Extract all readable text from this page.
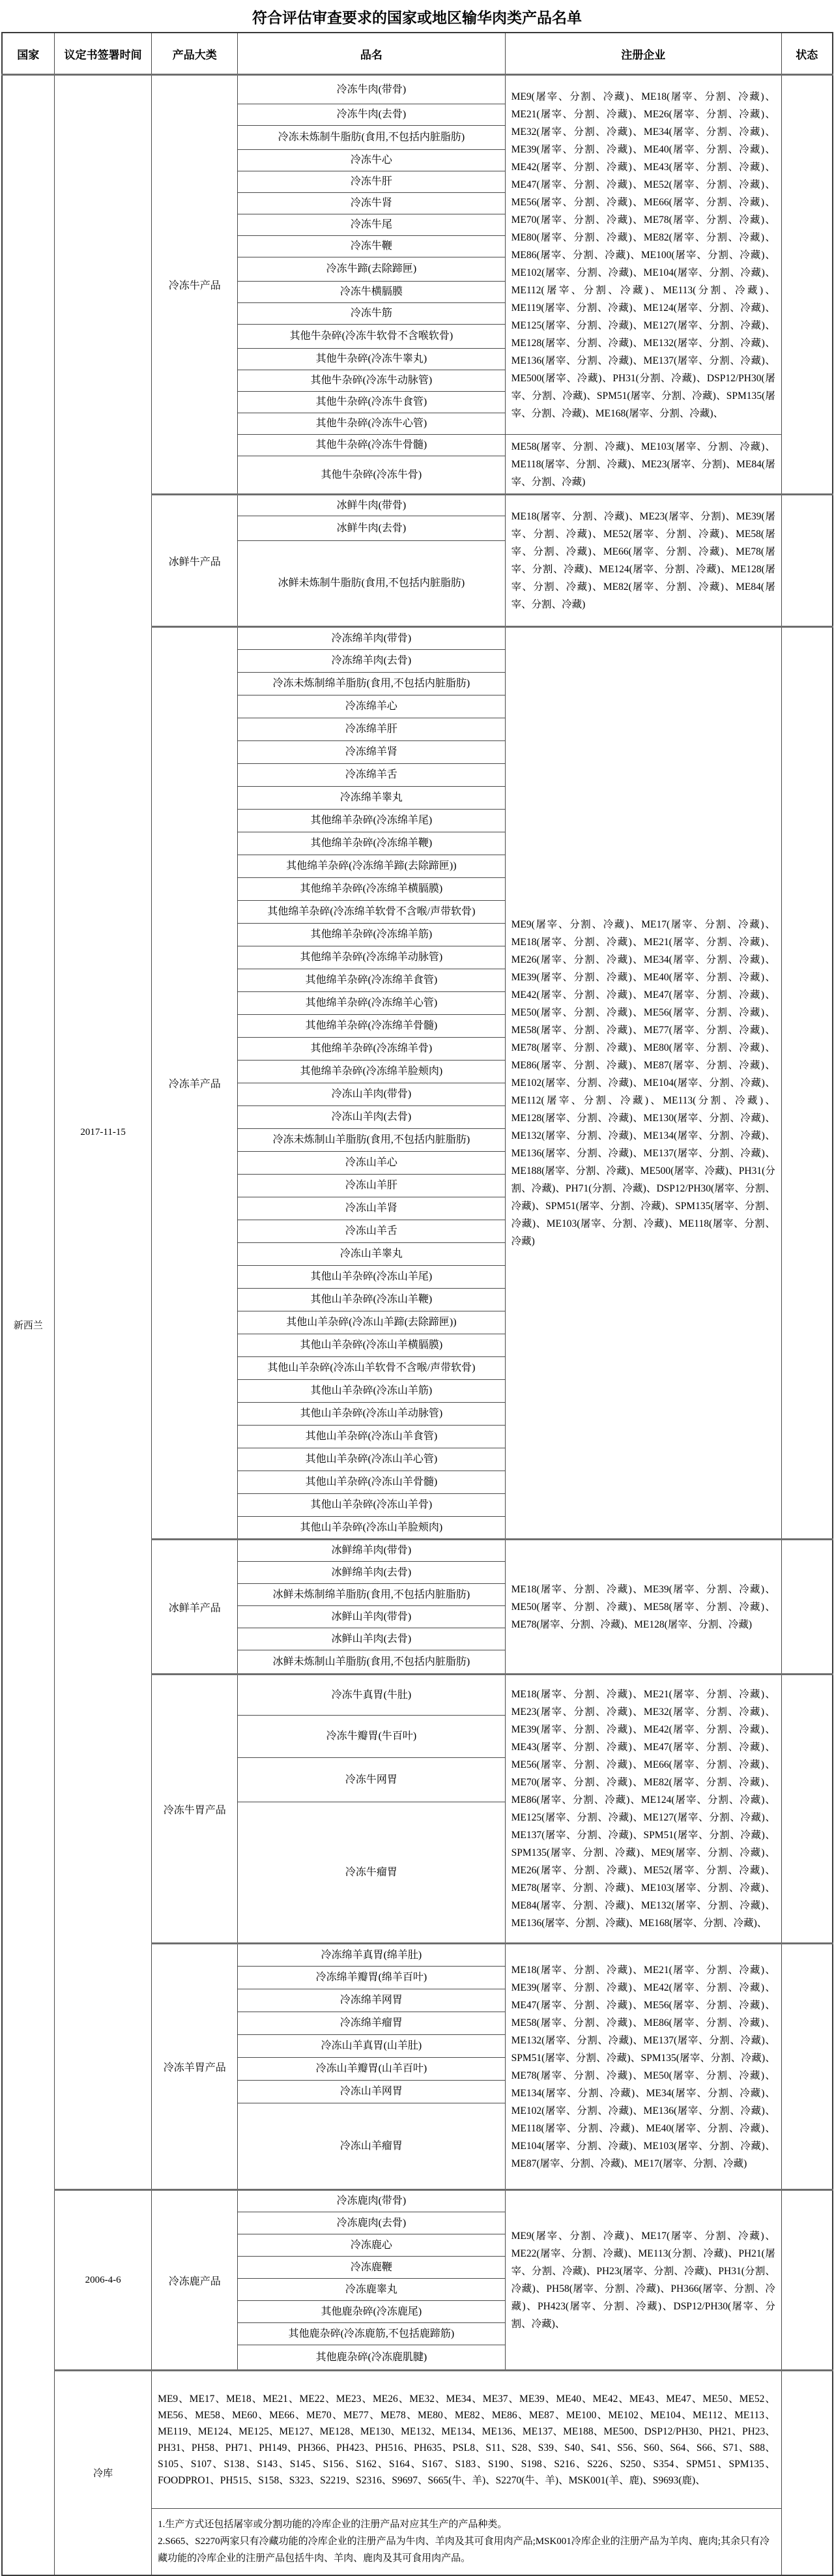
符合评估审查要求的国家或地区输华肉类产品名单
国家	议定书签署时间	产品大类	品名	注册企业	状态
新西兰	2017-11-15	冷冻牛产品	冷冻牛肉(带骨)	ME9(屠宰、分割、冷藏)、ME18(屠宰、分割、冷藏)、ME21(屠宰、分割、冷藏)、ME26(屠宰、分割、冷藏)、ME32(屠宰、分割、冷藏)、ME34(屠宰、分割、冷藏)、ME39(屠宰、分割、冷藏)、ME40(屠宰、分割、冷藏)、ME42(屠宰、分割、冷藏)、ME43(屠宰、分割、冷藏)、ME47(屠宰、分割、冷藏)、ME52(屠宰、分割、冷藏)、ME56(屠宰、分割、冷藏)、ME66(屠宰、分割、冷藏)、ME70(屠宰、分割、冷藏)、ME78(屠宰、分割、冷藏)、ME80(屠宰、分割、冷藏)、ME82(屠宰、分割、冷藏)、ME86(屠宰、分割、冷藏)、ME100(屠宰、分割、冷藏)、ME102(屠宰、分割、冷藏)、ME104(屠宰、分割、冷藏)、ME112(屠宰、分割、冷藏)、ME113(分割、冷藏)、ME119(屠宰、分割、冷藏)、ME124(屠宰、分割、冷藏)、ME125(屠宰、分割、冷藏)、ME127(屠宰、分割、冷藏)、ME128(屠宰、分割、冷藏)、ME132(屠宰、分割、冷藏)、ME136(屠宰、分割、冷藏)、ME137(屠宰、分割、冷藏)、ME500(屠宰、冷藏)、PH31(分割、冷藏)、DSP12/PH30(屠宰、分割、冷藏)、SPM51(屠宰、分割、冷藏)、SPM135(屠宰、分割、冷藏)、ME168(屠宰、分割、冷藏)、	
			冷冻牛肉(去骨)		
			冷冻未炼制牛脂肪(食用,不包括内脏脂肪)		
			冷冻牛心		
			冷冻牛肝		
			冷冻牛肾		
			冷冻牛尾		
			冷冻牛鞭		
			冷冻牛蹄(去除蹄匣)		
			冷冻牛横膈膜		
			冷冻牛筋		
			其他牛杂碎(冷冻牛软骨不含喉软骨)		
			其他牛杂碎(冷冻牛睾丸)		
			其他牛杂碎(冷冻牛动脉管)		
			其他牛杂碎(冷冻牛食管)		
			其他牛杂碎(冷冻牛心管)		
			其他牛杂碎(冷冻牛骨髓)	ME58(屠宰、分割、冷藏)、ME103(屠宰、分割、冷藏)、ME118(屠宰、分割、冷藏)、ME23(屠宰、分割)、ME84(屠宰、分割、冷藏)	
			其他牛杂碎(冷冻牛骨)		
		冰鲜牛产品	冰鲜牛肉(带骨)	ME18(屠宰、分割、冷藏)、ME23(屠宰、分割)、ME39(屠宰、分割、冷藏)、ME52(屠宰、分割、冷藏)、ME58(屠宰、分割、冷藏)、ME66(屠宰、分割、冷藏)、ME78(屠宰、分割、冷藏)、ME124(屠宰、分割、冷藏)、ME128(屠宰、分割、冷藏)、ME82(屠宰、分割、冷藏)、ME84(屠宰、分割、冷藏)	
			冰鲜牛肉(去骨)		
			冰鲜未炼制牛脂肪(食用,不包括内脏脂肪)		
		冷冻羊产品	冷冻绵羊肉(带骨)	ME9(屠宰、分割、冷藏)、ME17(屠宰、分割、冷藏)、ME18(屠宰、分割、冷藏)、ME21(屠宰、分割、冷藏)、ME26(屠宰、分割、冷藏)、ME34(屠宰、分割、冷藏)、ME39(屠宰、分割、冷藏)、ME40(屠宰、分割、冷藏)、ME42(屠宰、分割、冷藏)、ME47(屠宰、分割、冷藏)、ME50(屠宰、分割、冷藏)、ME56(屠宰、分割、冷藏)、ME58(屠宰、分割、冷藏)、ME77(屠宰、分割、冷藏)、ME78(屠宰、分割、冷藏)、ME80(屠宰、分割、冷藏)、ME86(屠宰、分割、冷藏)、ME87(屠宰、分割、冷藏)、ME102(屠宰、分割、冷藏)、ME104(屠宰、分割、冷藏)、ME112(屠宰、分割、冷藏)、ME113(分割、冷藏)、ME128(屠宰、分割、冷藏)、ME130(屠宰、分割、冷藏)、ME132(屠宰、分割、冷藏)、ME134(屠宰、分割、冷藏)、ME136(屠宰、分割、冷藏)、ME137(屠宰、分割、冷藏)、ME188(屠宰、分割、冷藏)、ME500(屠宰、冷藏)、PH31(分割、冷藏)、PH71(分割、冷藏)、DSP12/PH30(屠宰、分割、冷藏)、SPM51(屠宰、分割、冷藏)、SPM135(屠宰、分割、冷藏)、ME103(屠宰、分割、冷藏)、ME118(屠宰、分割、冷藏)	
			冷冻绵羊肉(去骨)		
			冷冻未炼制绵羊脂肪(食用,不包括内脏脂肪)		
			冷冻绵羊心		
			冷冻绵羊肝		
			冷冻绵羊肾		
			冷冻绵羊舌		
			冷冻绵羊睾丸		
			其他绵羊杂碎(冷冻绵羊尾)		
			其他绵羊杂碎(冷冻绵羊鞭)		
			其他绵羊杂碎(冷冻绵羊蹄(去除蹄匣))		
			其他绵羊杂碎(冷冻绵羊横膈膜)		
			其他绵羊杂碎(冷冻绵羊软骨不含喉/声带软骨)		
			其他绵羊杂碎(冷冻绵羊筋)		
			其他绵羊杂碎(冷冻绵羊动脉管)		
			其他绵羊杂碎(冷冻绵羊食管)		
			其他绵羊杂碎(冷冻绵羊心管)		
			其他绵羊杂碎(冷冻绵羊骨髓)		
			其他绵羊杂碎(冷冻绵羊骨)		
			其他绵羊杂碎(冷冻绵羊脸颊肉)		
			冷冻山羊肉(带骨)		
			冷冻山羊肉(去骨)		
			冷冻未炼制山羊脂肪(食用,不包括内脏脂肪)		
			冷冻山羊心		
			冷冻山羊肝		
			冷冻山羊肾		
			冷冻山羊舌		
			冷冻山羊睾丸		
			其他山羊杂碎(冷冻山羊尾)		
			其他山羊杂碎(冷冻山羊鞭)		
			其他山羊杂碎(冷冻山羊蹄(去除蹄匣))		
			其他山羊杂碎(冷冻山羊横膈膜)		
			其他山羊杂碎(冷冻山羊软骨不含喉/声带软骨)		
			其他山羊杂碎(冷冻山羊筋)		
			其他山羊杂碎(冷冻山羊动脉管)		
			其他山羊杂碎(冷冻山羊食管)		
			其他山羊杂碎(冷冻山羊心管)		
			其他山羊杂碎(冷冻山羊骨髓)		
			其他山羊杂碎(冷冻山羊骨)		
			其他山羊杂碎(冷冻山羊脸颊肉)		
		冰鲜羊产品	冰鲜绵羊肉(带骨)	ME18(屠宰、分割、冷藏)、ME39(屠宰、分割、冷藏)、ME50(屠宰、分割、冷藏)、ME58(屠宰、分割、冷藏)、ME78(屠宰、分割、冷藏)、ME128(屠宰、分割、冷藏)	
			冰鲜绵羊肉(去骨)		
			冰鲜未炼制绵羊脂肪(食用,不包括内脏脂肪)		
			冰鲜山羊肉(带骨)		
			冰鲜山羊肉(去骨)		
			冰鲜未炼制山羊脂肪(食用,不包括内脏脂肪)		
		冷冻牛胃产品	冷冻牛真胃(牛肚)	ME18(屠宰、分割、冷藏)、ME21(屠宰、分割、冷藏)、ME23(屠宰、分割、冷藏)、ME32(屠宰、分割、冷藏)、ME39(屠宰、分割、冷藏)、ME42(屠宰、分割、冷藏)、ME43(屠宰、分割、冷藏)、ME47(屠宰、分割、冷藏)、ME56(屠宰、分割、冷藏)、ME66(屠宰、分割、冷藏)、ME70(屠宰、分割、冷藏)、ME82(屠宰、分割、冷藏)、ME86(屠宰、分割、冷藏)、ME124(屠宰、分割、冷藏)、ME125(屠宰、分割、冷藏)、ME127(屠宰、分割、冷藏)、ME137(屠宰、分割、冷藏)、SPM51(屠宰、分割、冷藏)、SPM135(屠宰、分割、冷藏)、ME9(屠宰、分割、冷藏)、ME26(屠宰、分割、冷藏)、ME52(屠宰、分割、冷藏)、ME78(屠宰、分割、冷藏)、ME103(屠宰、分割、冷藏)、ME84(屠宰、分割、冷藏)、ME132(屠宰、分割、冷藏)、ME136(屠宰、分割、冷藏)、ME168(屠宰、分割、冷藏)、	
			冷冻牛瓣胃(牛百叶)		
			冷冻牛网胃		
			冷冻牛瘤胃		
		冷冻羊胃产品	冷冻绵羊真胃(绵羊肚)	ME18(屠宰、分割、冷藏)、ME21(屠宰、分割、冷藏)、ME39(屠宰、分割、冷藏)、ME42(屠宰、分割、冷藏)、ME47(屠宰、分割、冷藏)、ME56(屠宰、分割、冷藏)、ME58(屠宰、分割、冷藏)、ME86(屠宰、分割、冷藏)、ME132(屠宰、分割、冷藏)、ME137(屠宰、分割、冷藏)、SPM51(屠宰、分割、冷藏)、SPM135(屠宰、分割、冷藏)、ME78(屠宰、分割、冷藏)、ME50(屠宰、分割、冷藏)、ME134(屠宰、分割、冷藏)、ME34(屠宰、分割、冷藏)、ME102(屠宰、分割、冷藏)、ME136(屠宰、分割、冷藏)、ME118(屠宰、分割、冷藏)、ME40(屠宰、分割、冷藏)、ME104(屠宰、分割、冷藏)、ME103(屠宰、分割、冷藏)、ME87(屠宰、分割、冷藏)、ME17(屠宰、分割、冷藏)	
			冷冻绵羊瓣胃(绵羊百叶)		
			冷冻绵羊网胃		
			冷冻绵羊瘤胃		
			冷冻山羊真胃(山羊肚)		
			冷冻山羊瓣胃(山羊百叶)		
			冷冻山羊网胃		
			冷冻山羊瘤胃		
	2006-4-6	冷冻鹿产品	冷冻鹿肉(带骨)	ME9(屠宰、分割、冷藏)、ME17(屠宰、分割、冷藏)、ME22(屠宰、分割、冷藏)、ME113(分割、冷藏)、PH21(屠宰、分割、冷藏)、PH23(屠宰、分割、冷藏)、PH31(分割、冷藏)、PH58(屠宰、分割、冷藏)、PH366(屠宰、分割、冷藏)、PH423(屠宰、分割、冷藏)、DSP12/PH30(屠宰、分割、冷藏)、	
			冷冻鹿肉(去骨)		
			冷冻鹿心		
			冷冻鹿鞭		
			冷冻鹿睾丸		
			其他鹿杂碎(冷冻鹿尾)		
			其他鹿杂碎(冷冻鹿筋,不包括鹿蹄筋)		
			其他鹿杂碎(冷冻鹿肌腱)		
	冷库	ME9、ME17、ME18、ME21、ME22、ME23、ME26、ME32、ME34、ME37、ME39、ME40、ME42、ME43、ME47、ME50、ME52、ME56、ME58、ME60、ME66、ME70、ME77、ME78、ME80、ME82、ME86、ME87、ME100、ME102、ME104、ME112、ME113、ME119、ME124、ME125、ME127、ME128、ME130、ME132、ME134、ME136、ME137、ME188、ME500、DSP12/PH30、PH21、PH23、PH31、PH58、PH71、PH149、PH366、PH423、PH516、PH635、PSL8、S11、S28、S39、S40、S41、S56、S60、S64、S66、S71、S88、S105、S107、S138、S143、S145、S156、S162、S164、S167、S183、S190、S198、S216、S226、S250、S354、SPM51、SPM135、FOODPRO1、PH515、S158、S323、S2219、S2316、S9697、S665(牛、羊)、S2270(牛、羊)、MSK001(羊、鹿)、S9693(鹿)、			

		1.生产方式还包括屠宰或分割功能的冷库企业的注册产品对应其生产的产品种类。
2.S665、S2270两家只有冷藏功能的冷库企业的注册产品为牛肉、羊肉及其可食用肉产品;MSK001冷库企业的注册产品为羊肉、鹿肉;其余只有冷藏功能的冷库企业的注册产品包括牛肉、羊肉、鹿肉及其可食用肉产品。			
